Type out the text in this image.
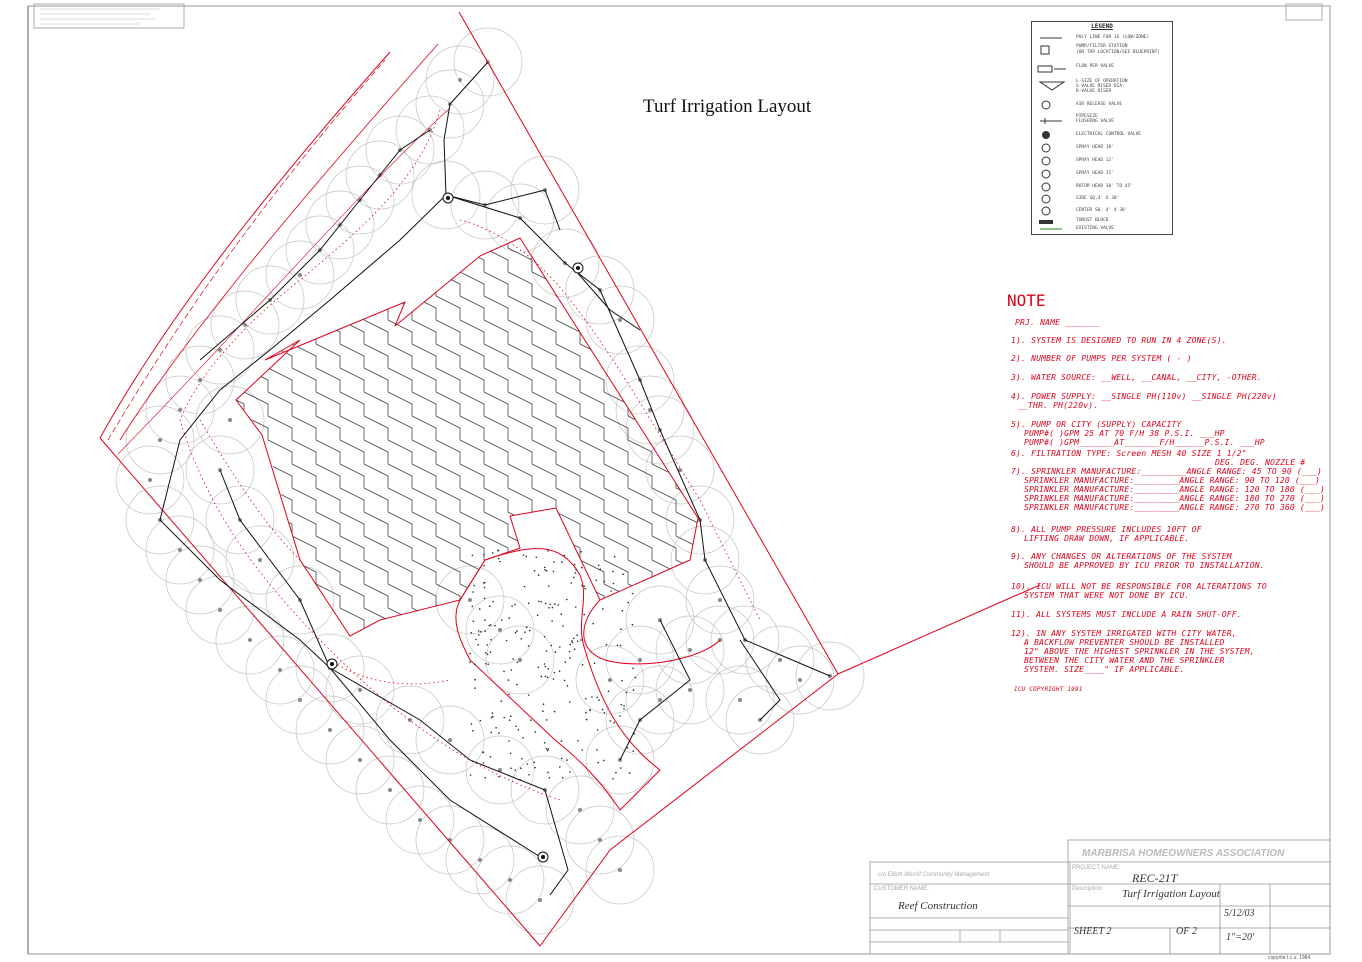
Turf Irrigation Layout
LEGEND
POLY LINE FOR 1G (LOW/ZONE)
PUMP/FILTER STATION
(OR TAP LOCATION/SEE BLUEPRINT)
FLOW PER VALVE
L-SIZE OF OPERATION
S-VALVE RISER DIA.
R-VALVE RISER
AIR RELEASE VALVE
PIPESIZE
FLUSHING VALVE
ELECTRICAL CONTROL VALVE
SPRAY HEAD 10'
SPRAY HEAD 12'
SPRAY HEAD 15'
ROTOR HEAD 30' TO 45'
SIDE SQ.4' X 30'
CENTER SQ. 4' X 30'
THRUST BLOCK
EXISTING VALVE
NOTE
PRJ. NAME _______
1). SYSTEM IS DESIGNED TO RUN IN 4 ZONE(S).
2). NUMBER OF PUMPS PER SYSTEM ( - )
3). WATER SOURCE: __WELL, __CANAL, __CITY, -OTHER.
4). POWER SUPPLY: __SINGLE PH(110v) __SINGLE PH(220v)
__THR. PH(220v).
5). PUMP OR CITY (SUPPLY) CAPACITY
PUMP#( )GPM 25 AT 70 F/H 38 P.S.I. ___HP
PUMP#( )GPM_______AT_______F/H______P.S.I. ___HP
6). FILTRATION TYPE: Screen MESH 40 SIZE 1 1/2"
DEG. DEG. NOZZLE #
7). SPRINKLER MANUFACTURE:_________ANGLE RANGE: 45 TO 90 (___)
SPRINKLER MANUFACTURE:_________ANGLE RANGE: 90 TO 120 (___)
SPRINKLER MANUFACTURE:_________ANGLE RANGE: 120 TO 180 (___)
SPRINKLER MANUFACTURE:_________ANGLE RANGE: 180 TO 270 (___)
SPRINKLER MANUFACTURE:_________ANGLE RANGE: 270 TO 360 (___)
8). ALL PUMP PRESSURE INCLUDES 10FT OF
LIFTING DRAW DOWN, IF APPLICABLE.
9). ANY CHANGES OR ALTERATIONS OF THE SYSTEM
SHOULD BE APPROVED BY ICU PRIOR TO INSTALLATION.
10). ICU WILL NOT BE RESPONSIBLE FOR ALTERATIONS TO
SYSTEM THAT WERE NOT DONE BY ICU.
11). ALL SYSTEMS MUST INCLUDE A RAIN SHUT-OFF.
12). IN ANY SYSTEM IRRIGATED WITH CITY WATER,
A BACKFLOW PREVENTER SHOULD BE INSTALLED
12" ABOVE THE HIGHEST SPRINKLER IN THE SYSTEM,
BETWEEN THE CITY WATER AND THE SPRINKLER
SYSTEM. SIZE____" IF APPLICABLE.
ICU COPYRIGHT 1991
MARBRISA HOMEOWNERS ASSOCIATION
c/o Elliott-Merrill Community Management
PROJECT NAME:
REC-21T
Description: Turf Irrigation Layout
CUSTOMER NAME:
Reef Construction
5/12/03
SHEET 2	OF 2
1"=20'
copyrite I.c.u. 1984
